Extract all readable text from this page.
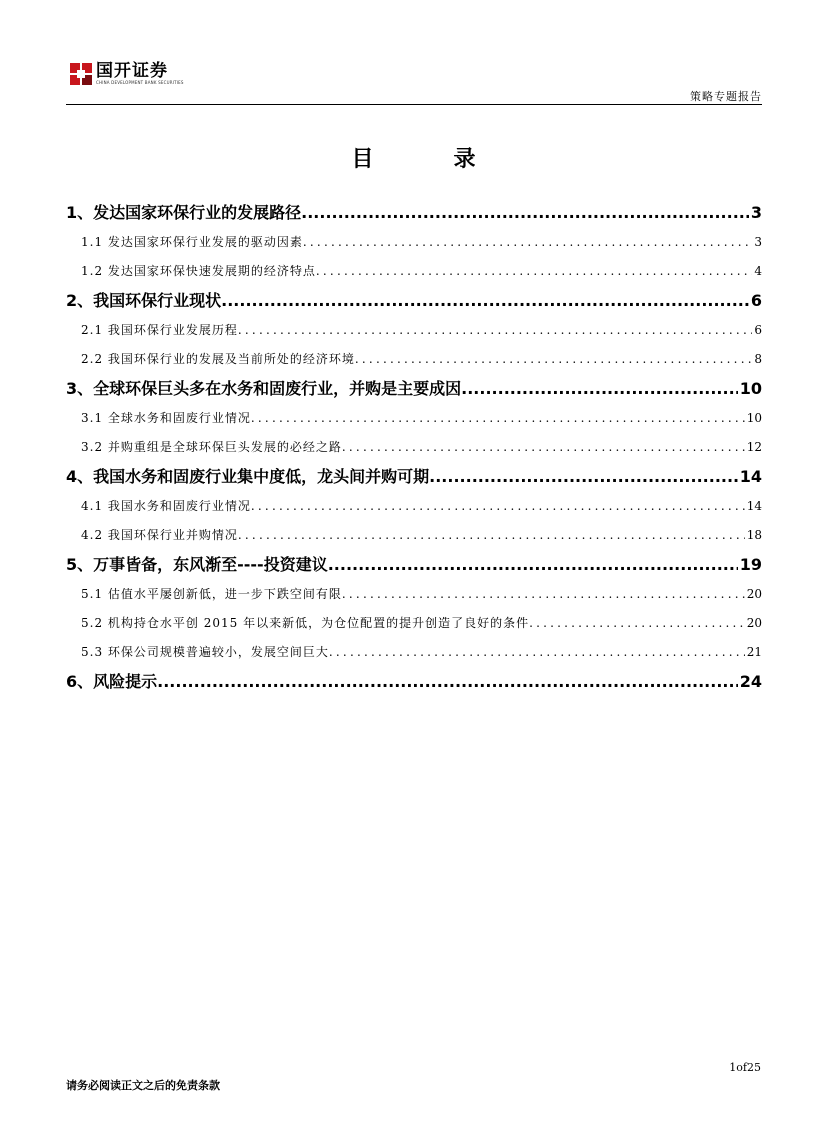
国开证券
CHINA DEVELOPMENT BANK SECURITIES
策略专题报告
目录
1、发达国家环保行业的发展路径 .....	3
1.1 发达国家环保行业发展的驱动因素 .....	3
1.2 发达国家环保快速发展期的经济特点 .....	4
2、我国环保行业现状 .....	6
2.1 我国环保行业发展历程 .....	6
2.2 我国环保行业的发展及当前所处的经济环境 .....	8
3、全球环保巨头多在水务和固废行业，并购是主要成因 .....	10
3.1 全球水务和固废行业情况 .....	10
3.2 并购重组是全球环保巨头发展的必经之路 .....	12
4、我国水务和固废行业集中度低，龙头间并购可期 .....	14
4.1 我国水务和固废行业情况 .....	14
4.2 我国环保行业并购情况 .....	18
5、万事皆备，东风渐至----投资建议 .....	19
5.1 估值水平屡创新低，进一步下跌空间有限 .....	20
5.2 机构持仓水平创 2015 年以来新低，为仓位配置的提升创造了良好的条件 .....	20
5.3 环保公司规模普遍较小，发展空间巨大 .....	21
6、风险提示 .....	24
1of25
请务必阅读正文之后的免责条款
